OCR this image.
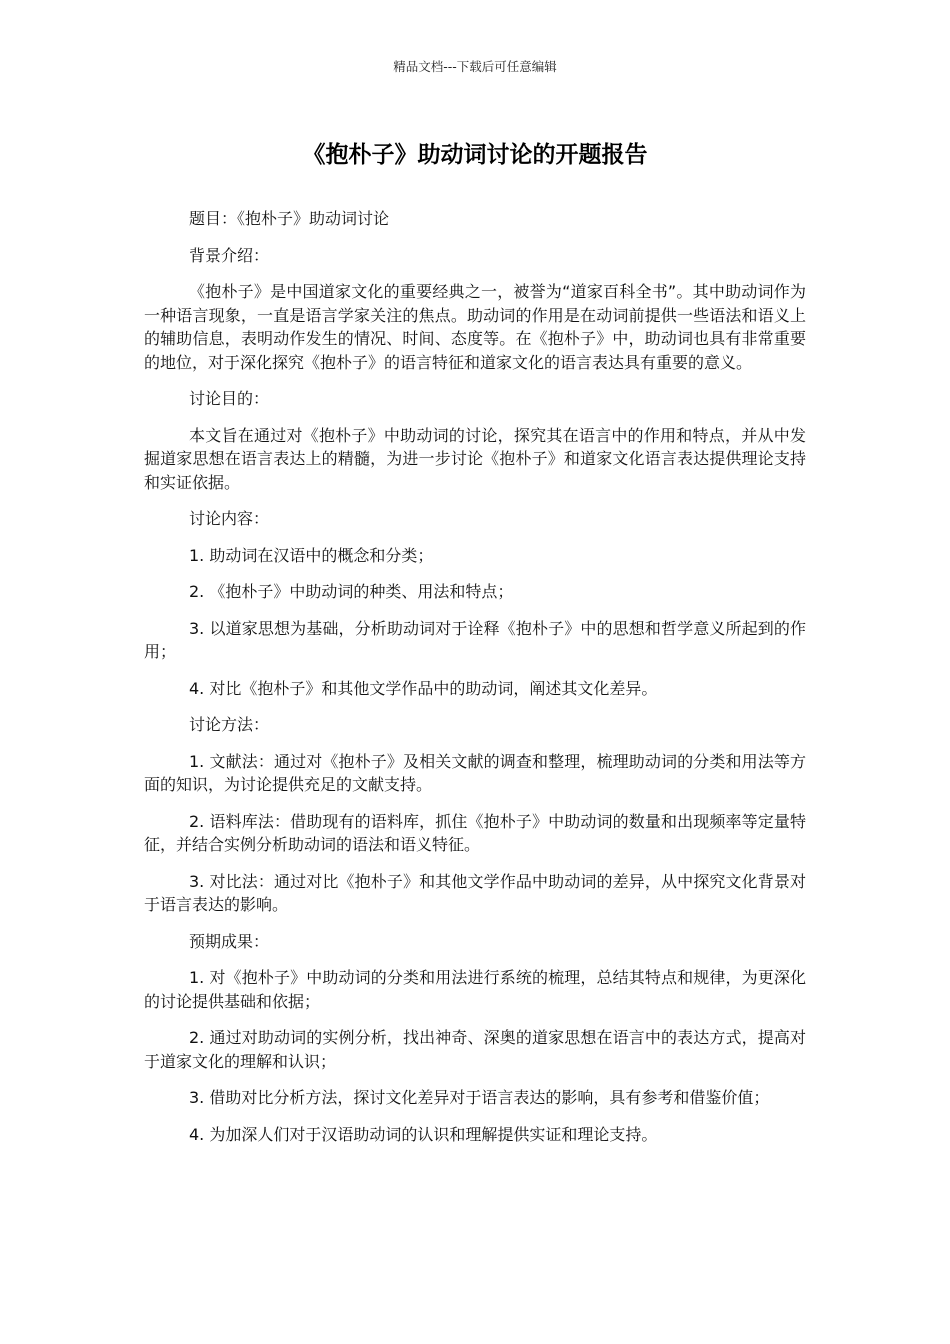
精品文档---下载后可任意编辑
《抱朴子》助动词讨论的开题报告

题目：《抱朴子》助动词讨论

背景介绍：

《抱朴子》是中国道家文化的重要经典之一，被誉为“道家百科全书”。其中助动词作为一种语言现象，一直是语言学家关注的焦点。助动词的作用是在动词前提供一些语法和语义上的辅助信息，表明动作发生的情况、时间、态度等。在《抱朴子》中，助动词也具有非常重要的地位，对于深化探究《抱朴子》的语言特征和道家文化的语言表达具有重要的意义。

讨论目的：

本文旨在通过对《抱朴子》中助动词的讨论，探究其在语言中的作用和特点，并从中发掘道家思想在语言表达上的精髓，为进一步讨论《抱朴子》和道家文化语言表达提供理论支持和实证依据。

讨论内容：

1. 助动词在汉语中的概念和分类；

2. 《抱朴子》中助动词的种类、用法和特点；

3. 以道家思想为基础，分析助动词对于诠释《抱朴子》中的思想和哲学意义所起到的作用；

4. 对比《抱朴子》和其他文学作品中的助动词，阐述其文化差异。

讨论方法：

1. 文献法：通过对《抱朴子》及相关文献的调查和整理，梳理助动词的分类和用法等方面的知识，为讨论提供充足的文献支持。

2. 语料库法：借助现有的语料库，抓住《抱朴子》中助动词的数量和出现频率等定量特征，并结合实例分析助动词的语法和语义特征。

3. 对比法：通过对比《抱朴子》和其他文学作品中助动词的差异，从中探究文化背景对于语言表达的影响。

预期成果：

1. 对《抱朴子》中助动词的分类和用法进行系统的梳理，总结其特点和规律，为更深化的讨论提供基础和依据；

2. 通过对助动词的实例分析，找出神奇、深奥的道家思想在语言中的表达方式，提高对于道家文化的理解和认识；

3. 借助对比分析方法，探讨文化差异对于语言表达的影响，具有参考和借鉴价值；

4. 为加深人们对于汉语助动词的认识和理解提供实证和理论支持。
